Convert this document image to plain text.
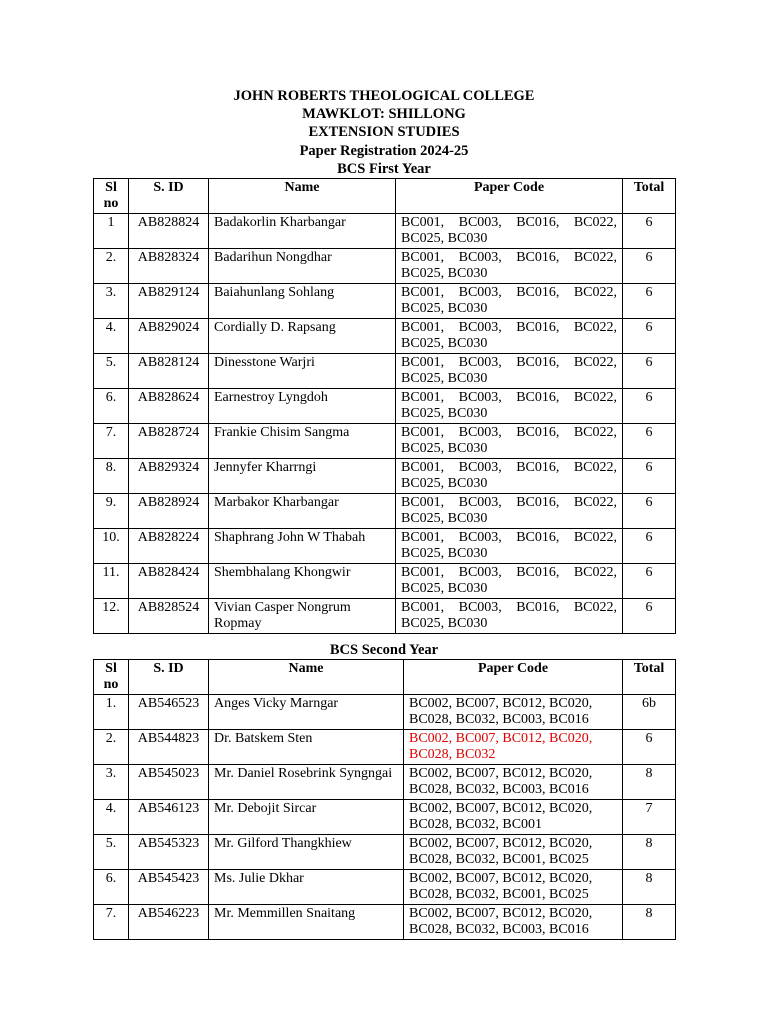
JOHN ROBERTS THEOLOGICAL COLLEGE
MAWKLOT: SHILLONG
EXTENSION STUDIES
Paper Registration 2024-25
BCS First Year
Sl no	S. ID	Name	Paper Code	Total
1	AB828824	Badakorlin Kharbangar	BC001, BC003, BC016, BC022,
BC025, BC030	6
2.	AB828324	Badarihun Nongdhar	BC001, BC003, BC016, BC022,
BC025, BC030	6
3.	AB829124	Baiahunlang Sohlang	BC001, BC003, BC016, BC022,
BC025, BC030	6
4.	AB829024	Cordially D. Rapsang	BC001, BC003, BC016, BC022,
BC025, BC030	6
5.	AB828124	Dinesstone Warjri	BC001, BC003, BC016, BC022,
BC025, BC030	6
6.	AB828624	Earnestroy Lyngdoh	BC001, BC003, BC016, BC022,
BC025, BC030	6
7.	AB828724	Frankie Chisim Sangma	BC001, BC003, BC016, BC022,
BC025, BC030	6
8.	AB829324	Jennyfer Kharrngi	BC001, BC003, BC016, BC022,
BC025, BC030	6
9.	AB828924	Marbakor Kharbangar	BC001, BC003, BC016, BC022,
BC025, BC030	6
10.	AB828224	Shaphrang John W Thabah	BC001, BC003, BC016, BC022,
BC025, BC030	6
11.	AB828424	Shembhalang Khongwir	BC001, BC003, BC016, BC022,
BC025, BC030	6
12.	AB828524	Vivian Casper Nongrum Ropmay	BC001, BC003, BC016, BC022,
BC025, BC030	6
BCS Second Year
Sl no	S. ID	Name	Paper Code	Total
1.	AB546523	Anges Vicky Marngar	BC002, BC007, BC012, BC020,
BC028, BC032, BC003, BC016	6b
2.	AB544823	Dr. Batskem Sten	BC002, BC007, BC012, BC020,
BC028, BC032	6
3.	AB545023	Mr. Daniel Rosebrink Syngngai	BC002, BC007, BC012, BC020,
BC028, BC032, BC003, BC016	8
4.	AB546123	Mr. Debojit Sircar	BC002, BC007, BC012, BC020,
BC028, BC032, BC001	7
5.	AB545323	Mr. Gilford Thangkhiew	BC002, BC007, BC012, BC020,
BC028, BC032, BC001, BC025	8
6.	AB545423	Ms. Julie Dkhar	BC002, BC007, BC012, BC020,
BC028, BC032, BC001, BC025	8
7.	AB546223	Mr. Memmillen Snaitang	BC002, BC007, BC012, BC020,
BC028, BC032, BC003, BC016	8
